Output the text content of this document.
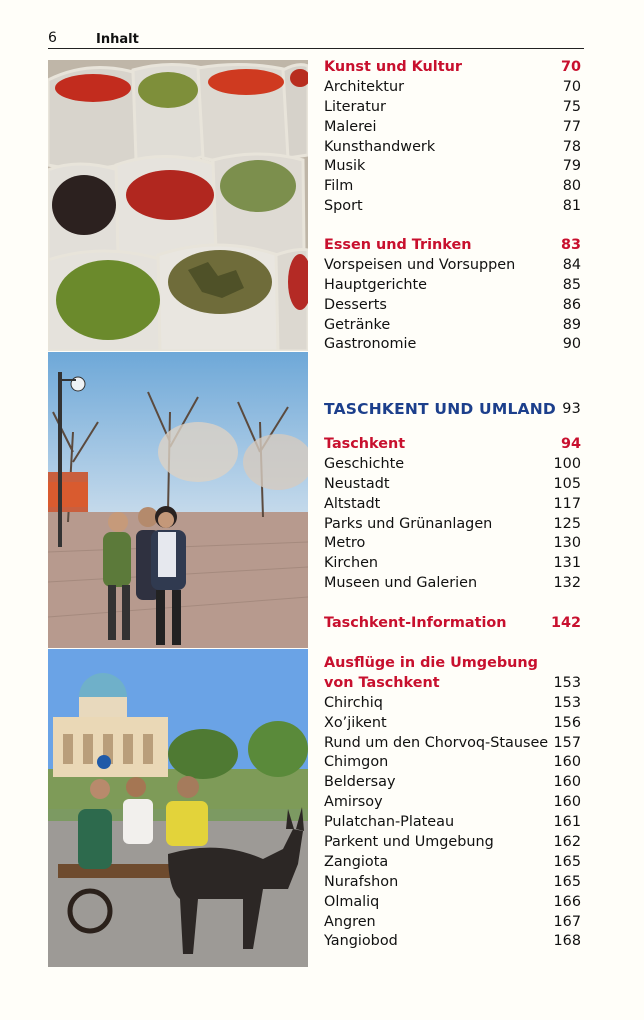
6	Inhalt
Kunst und Kultur	70
Architektur	70
Literatur	75
Malerei	77
Kunsthandwerk	78
Musik	79
Film	80
Sport	81
Essen und Trinken	83
Vorspeisen und Vorsuppen	84
Hauptgerichte	85
Desserts	86
Getränke	89
Gastronomie	90
TASCHKENT UND UMLAND 93
Taschkent	94
Geschichte	100
Neustadt	105
Altstadt	117
Parks und Grünanlagen	125
Metro	130
Kirchen	131
Museen und Galerien	132
Taschkent-Information	142
Ausflüge in die Umgebung
von Taschkent	153
Chirchiq	153
Xo’jikent	156
Rund um den Chorvoq-Stausee 157
Chimgon	160
Beldersay	160
Amirsoy	160
Pulatchan-Plateau	161
Parkent und Umgebung	162
Zangiota	165
Nurafshon	165
Olmaliq	166
Angren	167
Yangiobod	168
